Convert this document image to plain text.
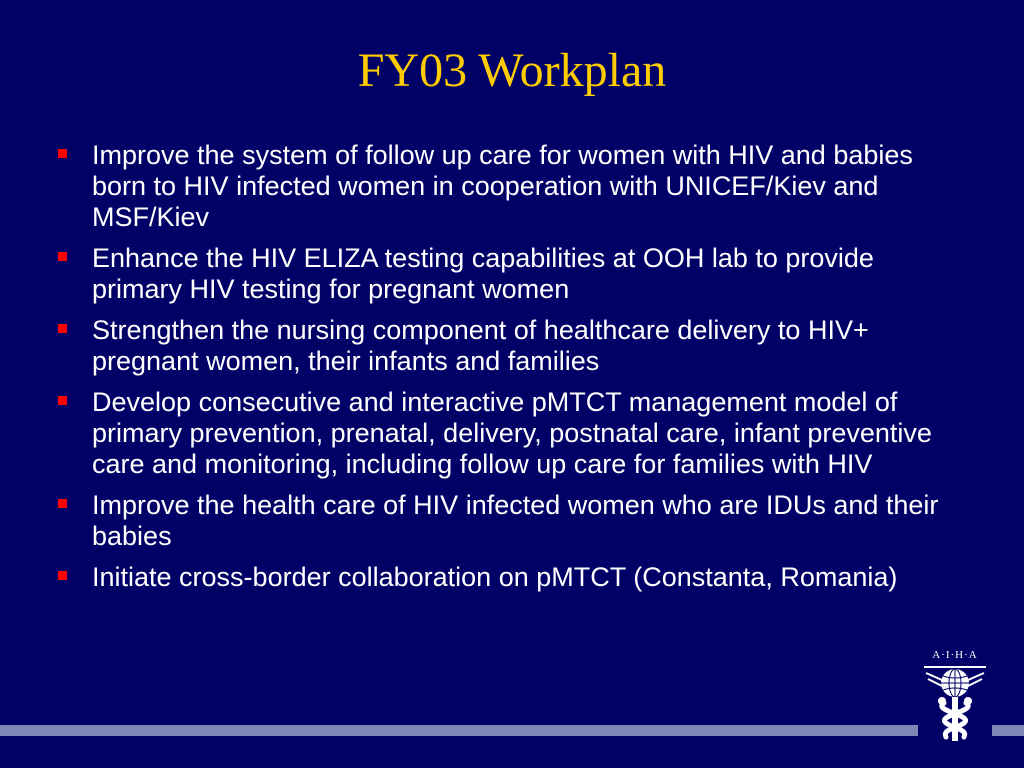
FY03 Workplan
Improve the system of follow up care for women with HIV and babies born to HIV infected women in cooperation with UNICEF/Kiev and MSF/Kiev
Enhance the HIV ELIZA testing capabilities at OOH lab to provide primary HIV testing for pregnant women
Strengthen the nursing component of healthcare delivery to HIV+ pregnant women, their infants and families
Develop consecutive and interactive pMTCT management model of primary prevention, prenatal, delivery, postnatal care, infant preventive care and monitoring, including follow up care for families with HIV
Improve the health care of HIV infected women who are IDUs and their babies
Initiate cross-border collaboration on pMTCT (Constanta, Romania)
A·I·H·A
